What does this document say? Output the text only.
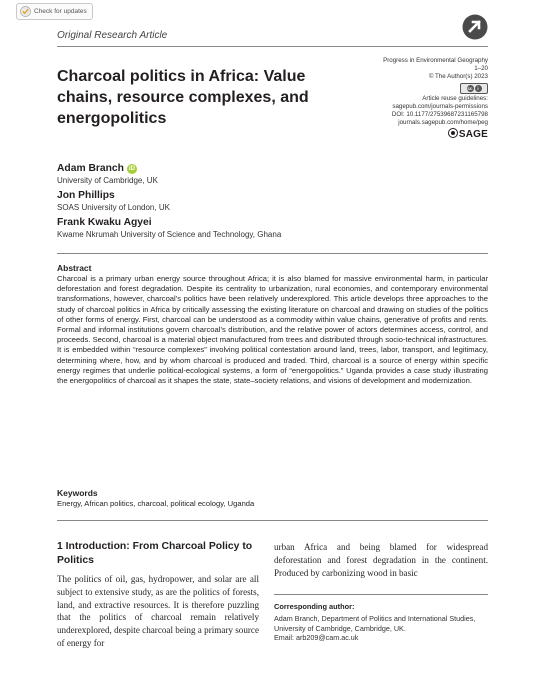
Check for updates
Original Research Article
Charcoal politics in Africa: Value chains, resource complexes, and energopolitics
Progress in Environmental Geography
1–20
© The Author(s) 2023
cc	i
Article reuse guidelines:
sagepub.com/journals-permissions
DOI: 10.1177/27539687231165798
journals.sagepub.com/home/peg
SAGE
Adam Branch iD
University of Cambridge, UK
Jon Phillips
SOAS University of London, UK
Frank Kwaku Agyei
Kwame Nkrumah University of Science and Technology, Ghana
Abstract
Charcoal is a primary urban energy source throughout Africa; it is also blamed for massive environmental harm, in particular deforestation and forest degradation. Despite its centrality to urbanization, rural economies, and contemporary environmental transformations, however, charcoal’s politics have been relatively underexplored. This article develops three approaches to the study of charcoal politics in Africa by critically assessing the existing literature on charcoal and drawing on studies of the politics of other forms of energy. First, charcoal can be understood as a commodity within value chains, generative of profits and rents. Formal and informal institutions govern charcoal’s distribution, and the relative power of actors determines access, control, and proceeds. Second, charcoal is a material object manufactured from trees and distributed through socio-technical infrastructures. It is embedded within “resource complexes” involving political contestation around land, trees, labor, transport, and legitimacy, determining where, how, and by whom charcoal is produced and traded. Third, charcoal is a source of energy within specific energy regimes that underlie political-ecological systems, a form of “energopolitics.” Uganda provides a case study illustrating the energopolitics of charcoal as it shapes the state, state–society relations, and visions of development and modernization.
Keywords
Energy, African politics, charcoal, political ecology, Uganda
1 Introduction: From Charcoal Policy to Politics
The politics of oil, gas, hydropower, and solar are all subject to extensive study, as are the politics of forests, land, and extractive resources. It is therefore puzzling that the politics of charcoal remain relatively underexplored, despite charcoal being a primary source of energy for
urban Africa and being blamed for widespread deforestation and forest degradation in the continent. Produced by carbonizing wood in basic
Corresponding author:
Adam Branch, Department of Politics and International Studies, University of Cambridge, Cambridge, UK.
Email: arb209@cam.ac.uk
